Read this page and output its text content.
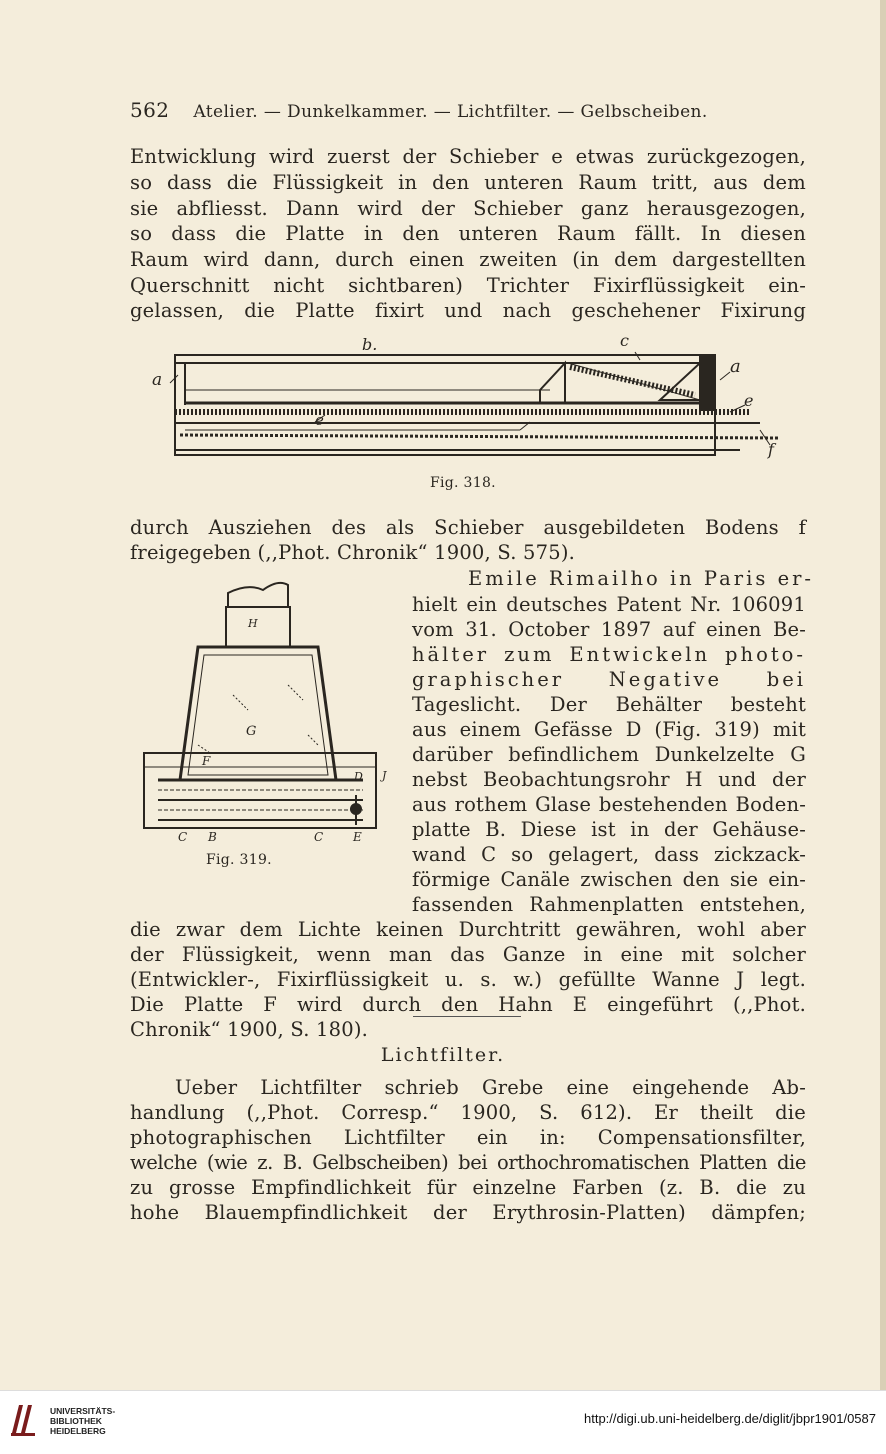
562 Atelier. — Dunkelkammer. — Lichtfilter. — Gelbscheiben.
Entwicklung wird zuerst der Schieber e etwas zurückgezogen,
so dass die Flüssigkeit in den unteren Raum tritt, aus dem
sie abfliesst. Dann wird der Schieber ganz herausgezogen,
so dass die Platte in den unteren Raum fällt. In diesen
Raum wird dann, durch einen zweiten (in dem dargestellten
Querschnitt nicht sichtbaren) Trichter Fixirflüssigkeit ein-
gelassen, die Platte fixirt und nach geschehener Fixirung
a
b.	c
a
e
e
f
Fig. 318.
durch Ausziehen des als Schieber ausgebildeten Bodens f
freigegeben (,,Phot. Chronik“ 1900, S. 575).
H
G
F
D J
C B	C E
Fig. 319.
Emile Rimailho in Paris er-
hielt ein deutsches Patent Nr. 106091
vom 31. October 1897 auf einen Be-
hälter zum Entwickeln photo-
graphischer Negative bei
Tageslicht. Der Behälter besteht
aus einem Gefässe D (Fig. 319) mit
darüber befindlichem Dunkelzelte G
nebst Beobachtungsrohr H und der
aus rothem Glase bestehenden Boden-
platte B. Diese ist in der Gehäuse-
wand C so gelagert, dass zickzack-
förmige Canäle zwischen den sie ein-
fassenden Rahmenplatten entstehen,
die zwar dem Lichte keinen Durchtritt gewähren, wohl aber
der Flüssigkeit, wenn man das Ganze in eine mit solcher
(Entwickler-, Fixirflüssigkeit u. s. w.) gefüllte Wanne J legt.
Die Platte F wird durch den Hahn E eingeführt (,,Phot.
Chronik“ 1900, S. 180).
Lichtfilter.
Ueber Lichtfilter schrieb Grebe eine eingehende Ab-
handlung (,,Phot. Corresp.“ 1900, S. 612). Er theilt die
photographischen Lichtfilter ein in: Compensationsfilter,
welche (wie z. B. Gelbscheiben) bei orthochromatischen Platten die
zu grosse Empfindlichkeit für einzelne Farben (z. B. die zu
hohe Blauempfindlichkeit der Erythrosin-Platten) dämpfen;
UNIVERSITÄTS-
BIBLIOTHEK
HEIDELBERG
http://digi.ub.uni-heidelberg.de/diglit/jbpr1901/0587
